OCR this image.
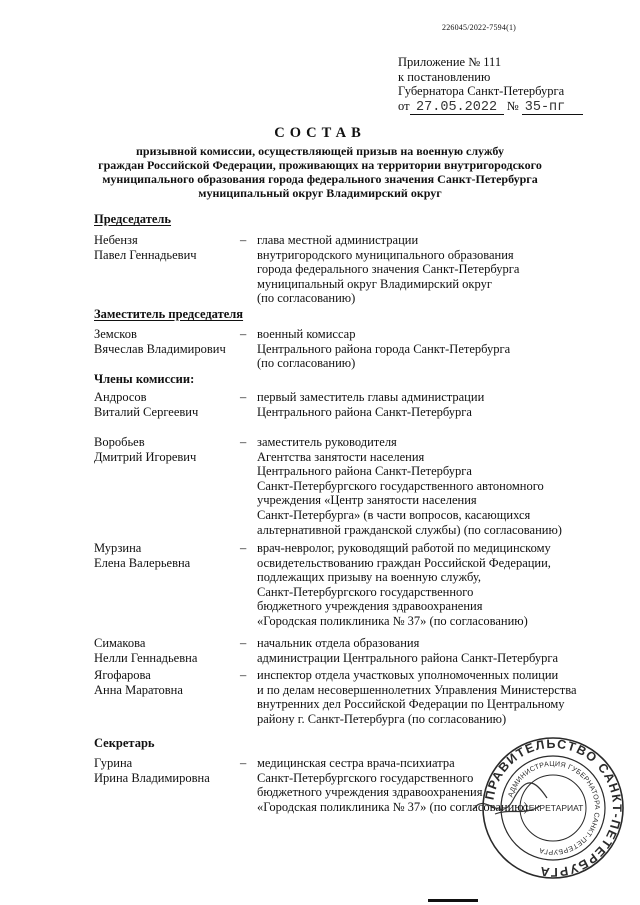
226045/2022-7594(1)
Приложение № 111
к постановлению
Губернатора Санкт-Петербурга
от 27.05.2022 № 35-пг
СОСТАВ
призывной комиссии, осуществляющей призыв на военную службу
граждан Российской Федерации, проживающих на территории внутригородского
муниципального образования города федерального значения Санкт-Петербурга
муниципальный округ Владимирский округ
Председатель
Небензя
Павел Геннадьевич
– глава местной администрации
внутригородского муниципального образования
города федерального значения Санкт-Петербурга
муниципальный округ Владимирский округ
(по согласованию)
Заместитель председателя
Земсков
Вячеслав Владимирович
– военный комиссар
Центрального района города Санкт-Петербурга
(по согласованию)
Члены комиссии:
Андросов
Виталий Сергеевич
– первый заместитель главы администрации
Центрального района Санкт-Петербурга
Воробьев
Дмитрий Игоревич
– заместитель руководителя
Агентства занятости населения
Центрального района Санкт-Петербурга
Санкт-Петербургского государственного автономного
учреждения «Центр занятости населения
Санкт-Петербурга» (в части вопросов, касающихся
альтернативной гражданской службы) (по согласованию)
Мурзина
Елена Валерьевна
– врач-невролог, руководящий работой по медицинскому
освидетельствованию граждан Российской Федерации,
подлежащих призыву на военную службу,
Санкт-Петербургского государственного
бюджетного учреждения здравоохранения
«Городская поликлиника № 37» (по согласованию)
Симакова
Нелли Геннадьевна
– начальник отдела образования
администрации Центрального района Санкт-Петербурга
Ягофарова
Анна Маратовна
– инспектор отдела участковых уполномоченных полиции
и по делам несовершеннолетних Управления Министерства
внутренних дел Российской Федерации по Центральному
району г. Санкт-Петербурга (по согласованию)
Секретарь
Гурина
Ирина Владимировна
– медицинская сестра врача-психиатра
Санкт-Петербургского государственного
бюджетного учреждения здравоохранения
«Городская поликлиника № 37» (по согласованию)
ПРАВИТЕЛЬСТВО САНКТ-ПЕТЕРБУРГА
АДМИНИСТРАЦИЯ ГУБЕРНАТОРА САНКТ-ПЕТЕРБУРГА
СЕКРЕТАРИАТ
